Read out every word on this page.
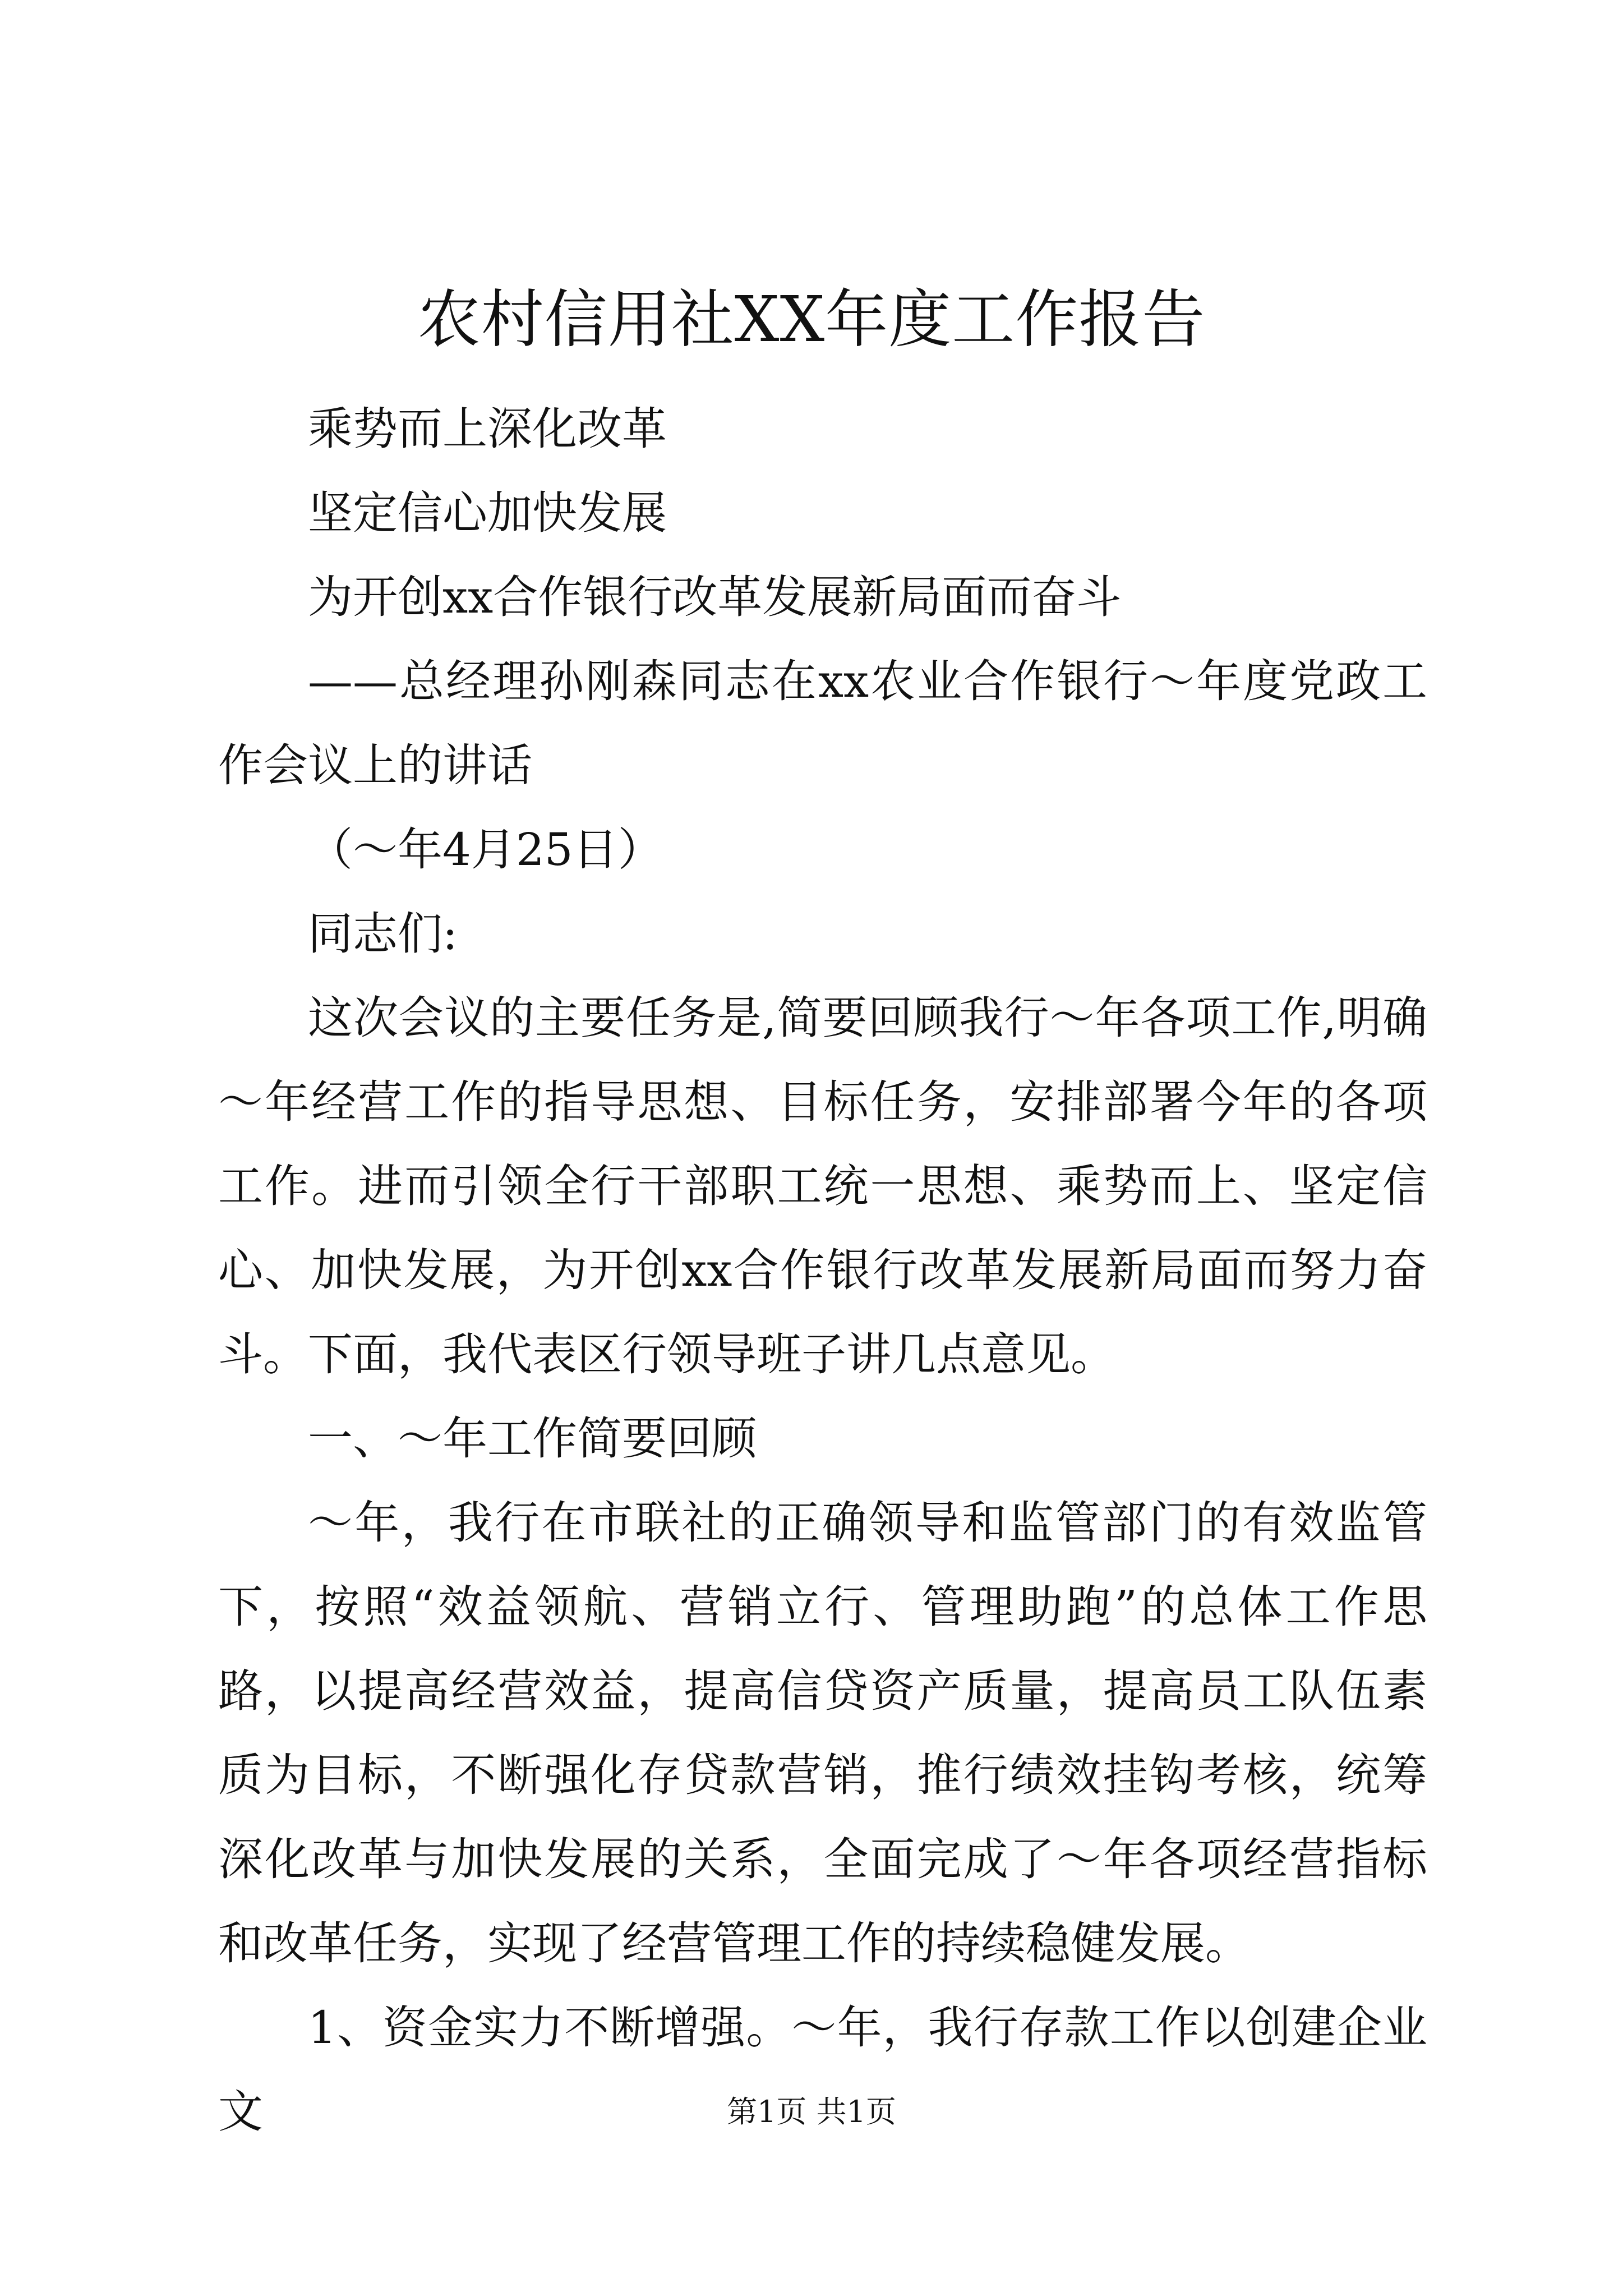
农村信用社XX年度工作报告

乘势而上深化改革

坚定信心加快发展

为开创xx合作银行改革发展新局面而奋斗

——总经理孙刚森同志在xx农业合作银行～年度党政工作会议上的讲话

（～年4月25日）

同志们:

这次会议的主要任务是,简要回顾我行～年各项工作,明确～年经营工作的指导思想、目标任务，安排部署今年的各项工作。进而引领全行干部职工统一思想、乘势而上、坚定信心、加快发展，为开创xx合作银行改革发展新局面而努力奋斗。下面，我代表区行领导班子讲几点意见。

一、～年工作简要回顾

～年，我行在市联社的正确领导和监管部门的有效监管下，按照“效益领航、营销立行、管理助跑”的总体工作思路，以提高经营效益，提高信贷资产质量，提高员工队伍素质为目标，不断强化存贷款营销，推行绩效挂钩考核，统筹深化改革与加快发展的关系，全面完成了～年各项经营指标和改革任务，实现了经营管理工作的持续稳健发展。

1、资金实力不断增强。～年，我行存款工作以创建企业文	第1页 共1页
